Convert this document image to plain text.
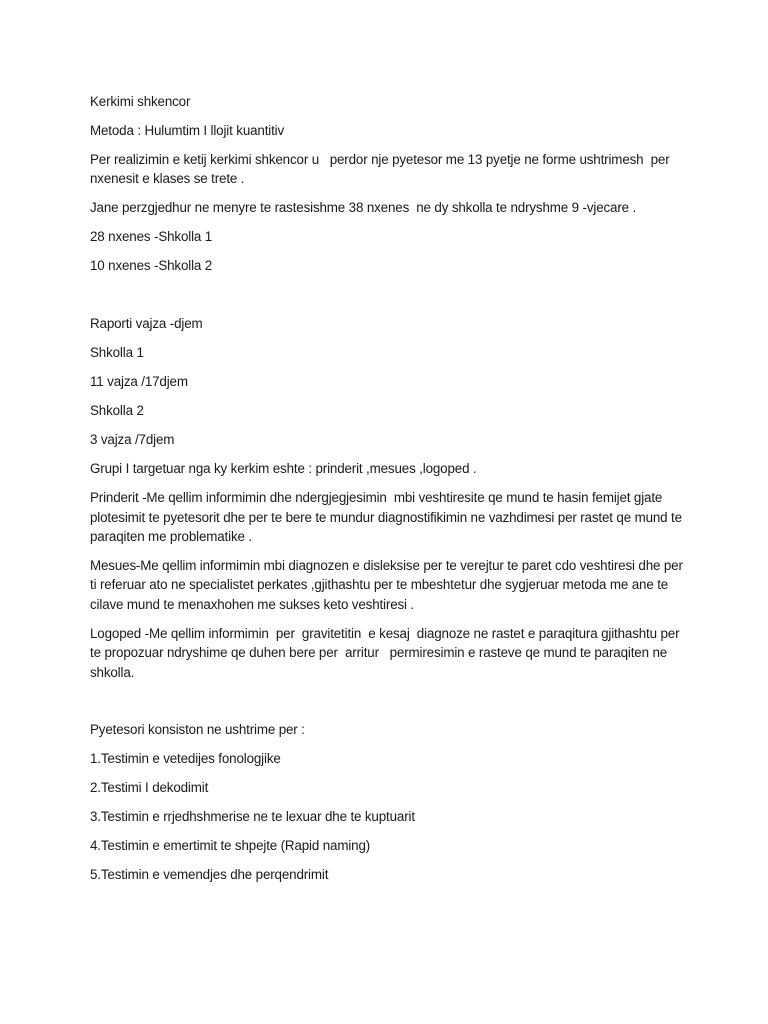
Kerkimi shkencor

Metoda : Hulumtim I llojit kuantitiv

Per realizimin e ketij kerkimi shkencor u   perdor nje pyetesor me 13 pyetje ne forme ushtrimesh  per
nxenesit e klases se trete .

Jane perzgjedhur ne menyre te rastesishme 38 nxenes  ne dy shkolla te ndryshme 9 -vjecare .

28 nxenes -Shkolla 1

10 nxenes -Shkolla 2

Raporti vajza -djem

Shkolla 1

11 vajza /17djem

Shkolla 2

3 vajza /7djem

Grupi I targetuar nga ky kerkim eshte : prinderit ,mesues ,logoped .

Prinderit -Me qellim informimin dhe ndergjegjesimin  mbi veshtiresite qe mund te hasin femijet gjate
plotesimit te pyetesorit dhe per te bere te mundur diagnostifikimin ne vazhdimesi per rastet qe mund te
paraqiten me problematike .

Mesues-Me qellim informimin mbi diagnozen e disleksise per te verejtur te paret cdo veshtiresi dhe per
ti referuar ato ne specialistet perkates ,gjithashtu per te mbeshtetur dhe sygjeruar metoda me ane te
cilave mund te menaxhohen me sukses keto veshtiresi .

Logoped -Me qellim informimin  per  gravitetitin  e kesaj  diagnoze ne rastet e paraqitura gjithashtu per
te propozuar ndryshime qe duhen bere per  arritur   permiresimin e rasteve qe mund te paraqiten ne
shkolla.

Pyetesori konsiston ne ushtrime per :

1.Testimin e vetedijes fonologjike

2.Testimi I dekodimit

3.Testimin e rrjedhshmerise ne te lexuar dhe te kuptuarit

4.Testimin e emertimit te shpejte (Rapid naming)

5.Testimin e vemendjes dhe perqendrimit
